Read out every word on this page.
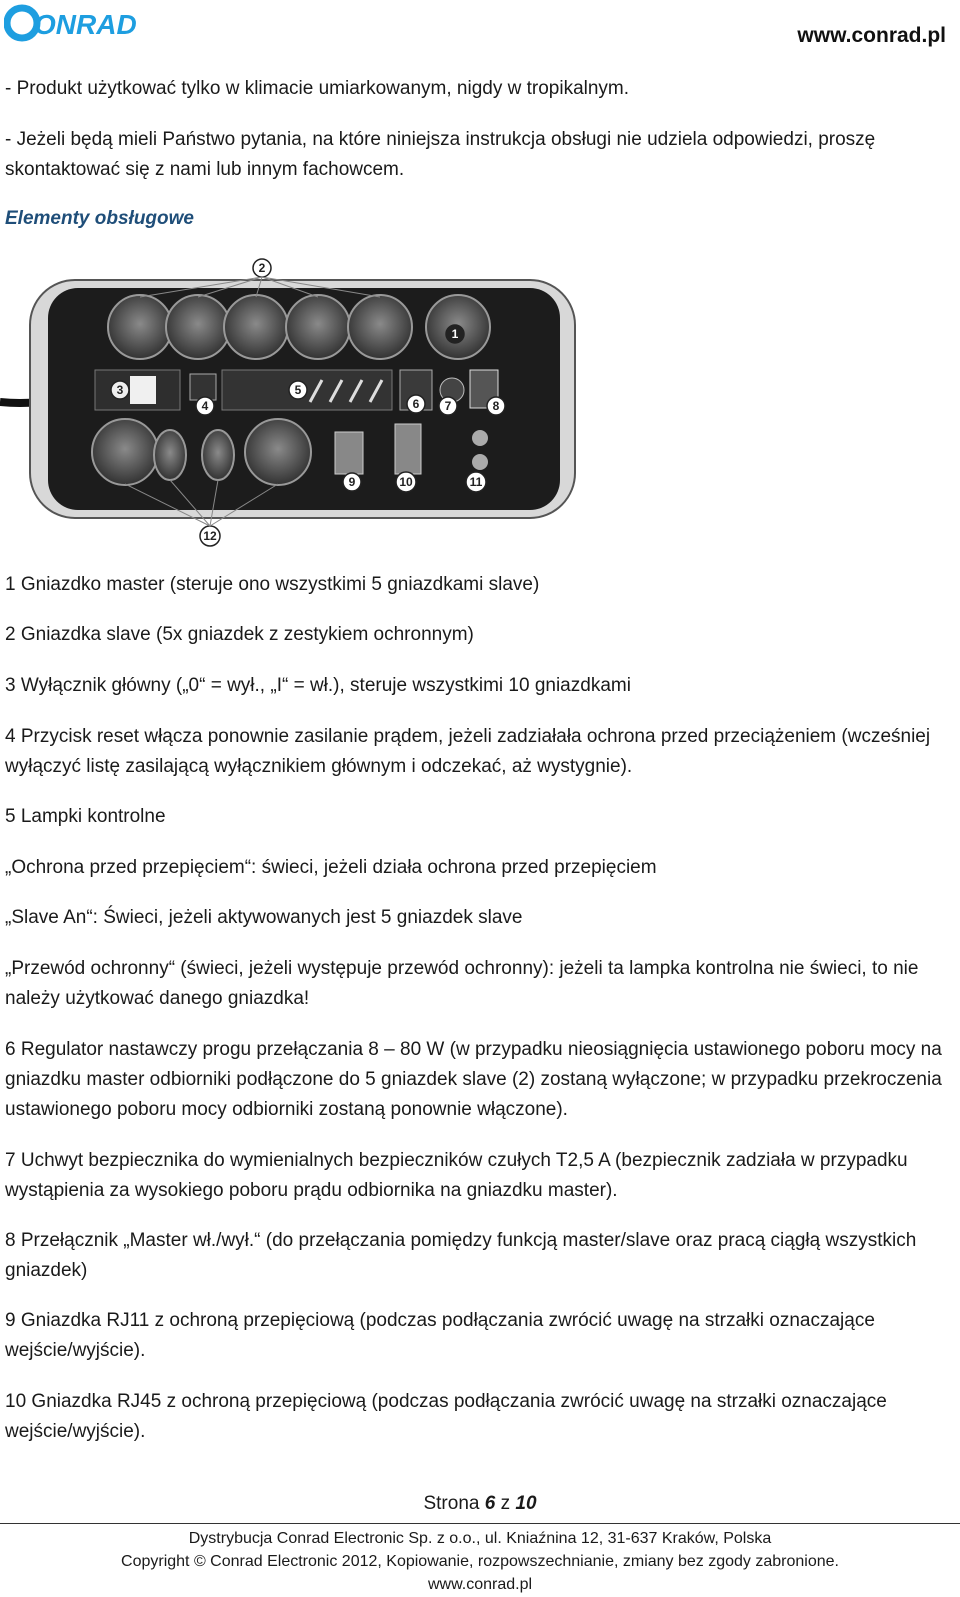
ONRAD	www.conrad.pl

- Produkt użytkować tylko w klimacie umiarkowanym, nigdy w tropikalnym.

- Jeżeli będą mieli Państwo pytania, na które niniejsza instrukcja obsługi nie udziela odpowiedzi, proszę skontaktować się z nami lub innym fachowcem.

Elementy obsługowe
1
2
3
4
5
6 7	8
9	10	11
12

1 Gniazdko master (steruje ono wszystkimi 5 gniazdkami slave)

2 Gniazdka slave (5x gniazdek z zestykiem ochronnym)

3 Wyłącznik główny („0“ = wył., „I“ = wł.), steruje wszystkimi 10 gniazdkami

4 Przycisk reset włącza ponownie zasilanie prądem, jeżeli zadziałała ochrona przed przeciążeniem (wcześniej wyłączyć listę zasilającą wyłącznikiem głównym i odczekać, aż wystygnie).

5 Lampki kontrolne

„Ochrona przed przepięciem“: świeci, jeżeli działa ochrona przed przepięciem

„Slave An“: Świeci, jeżeli aktywowanych jest 5 gniazdek slave

„Przewód ochronny“ (świeci, jeżeli występuje przewód ochronny): jeżeli ta lampka kontrolna nie świeci, to nie należy użytkować danego gniazdka!

6 Regulator nastawczy progu przełączania 8 – 80 W (w przypadku nieosiągnięcia ustawionego poboru mocy na gniazdku master odbiorniki podłączone do 5 gniazdek slave (2) zostaną wyłączone; w przypadku przekroczenia ustawionego poboru mocy odbiorniki zostaną ponownie włączone).

7 Uchwyt bezpiecznika do wymienialnych bezpieczników czułych T2,5 A (bezpiecznik zadziała w przypadku wystąpienia za wysokiego poboru prądu odbiornika na gniazdku master).

8 Przełącznik „Master wł./wył.“ (do przełączania pomiędzy funkcją master/slave oraz pracą ciągłą wszystkich gniazdek)

9 Gniazdka RJ11 z ochroną przepięciową (podczas podłączania zwrócić uwagę na strzałki oznaczające wejście/wyjście).

10 Gniazdka RJ45 z ochroną przepięciową (podczas podłączania zwrócić uwagę na strzałki oznaczające wejście/wyjście).

Strona 6 z 10
Dystrybucja Conrad Electronic Sp. z o.o., ul. Kniaźnina 12, 31-637 Kraków, Polska
Copyright © Conrad Electronic 2012, Kopiowanie, rozpowszechnianie, zmiany bez zgody zabronione.
www.conrad.pl
